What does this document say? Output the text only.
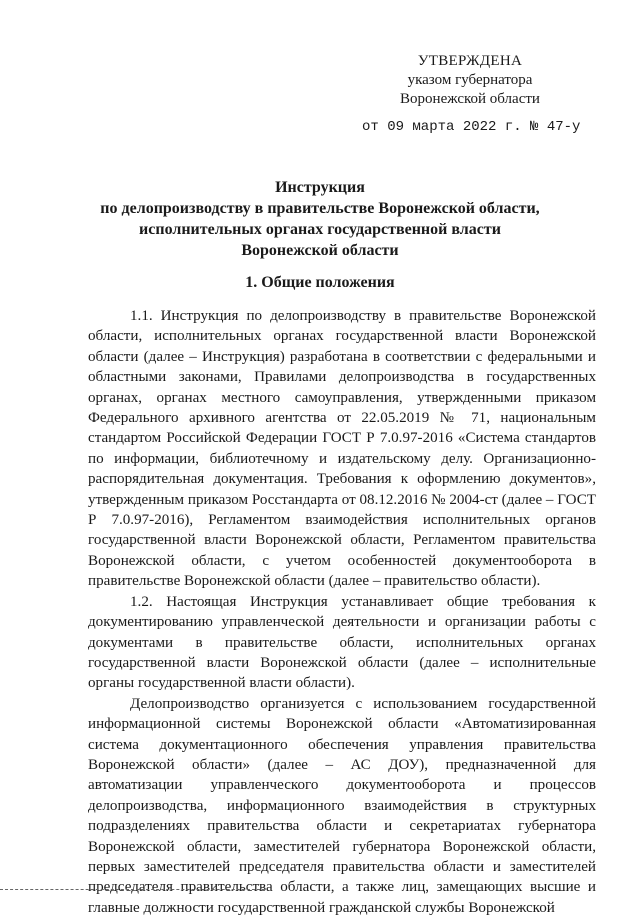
УТВЕРЖДЕНА
указом губернатора
Воронежской области
от 09 марта 2022 г. № 47-у
Инструкция
по делопроизводству в правительстве Воронежской области,
исполнительных органах государственной власти
Воронежской области
1. Общие положения

1.1. Инструкция по делопроизводству в правительстве Воронежской области, исполнительных органах государственной власти Воронежской области (далее – Инструкция) разработана в соответствии с федеральными и областными законами, Правилами делопроизводства в государственных органах, органах местного самоуправления, утвержденными приказом Федерального архивного агентства от 22.05.2019 № 71, национальным стандартом Российской Федерации ГОСТ Р 7.0.97-2016 «Система стандартов по информации, библиотечному и издательскому делу. Организационно-распорядительная документация. Требования к оформлению документов», утвержденным приказом Росстандарта от 08.12.2016 № 2004-ст (далее – ГОСТ Р 7.0.97-2016), Регламентом взаимодействия исполнительных органов государственной власти Воронежской области, Регламентом правительства Воронежской области, с учетом особенностей документооборота в правительстве Воронежской области (далее – правительство области).

1.2. Настоящая Инструкция устанавливает общие требования к документированию управленческой деятельности и организации работы с документами в правительстве области, исполнительных органах государственной власти Воронежской области (далее – исполнительные органы государственной власти области).

Делопроизводство организуется с использованием государственной информационной системы Воронежской области «Автоматизированная система документационного обеспечения управления правительства Воронежской области» (далее – АС ДОУ), предназначенной для автоматизации управленческого документооборота и процессов делопроизводства, информационного взаимодействия в структурных подразделениях правительства области и секретариатах губернатора Воронежской области, заместителей губернатора Воронежской области, первых заместителей председателя правительства области и заместителей председателя правительства области, а также лиц, замещающих высшие и главные должности государственной гражданской службы Воронежской
